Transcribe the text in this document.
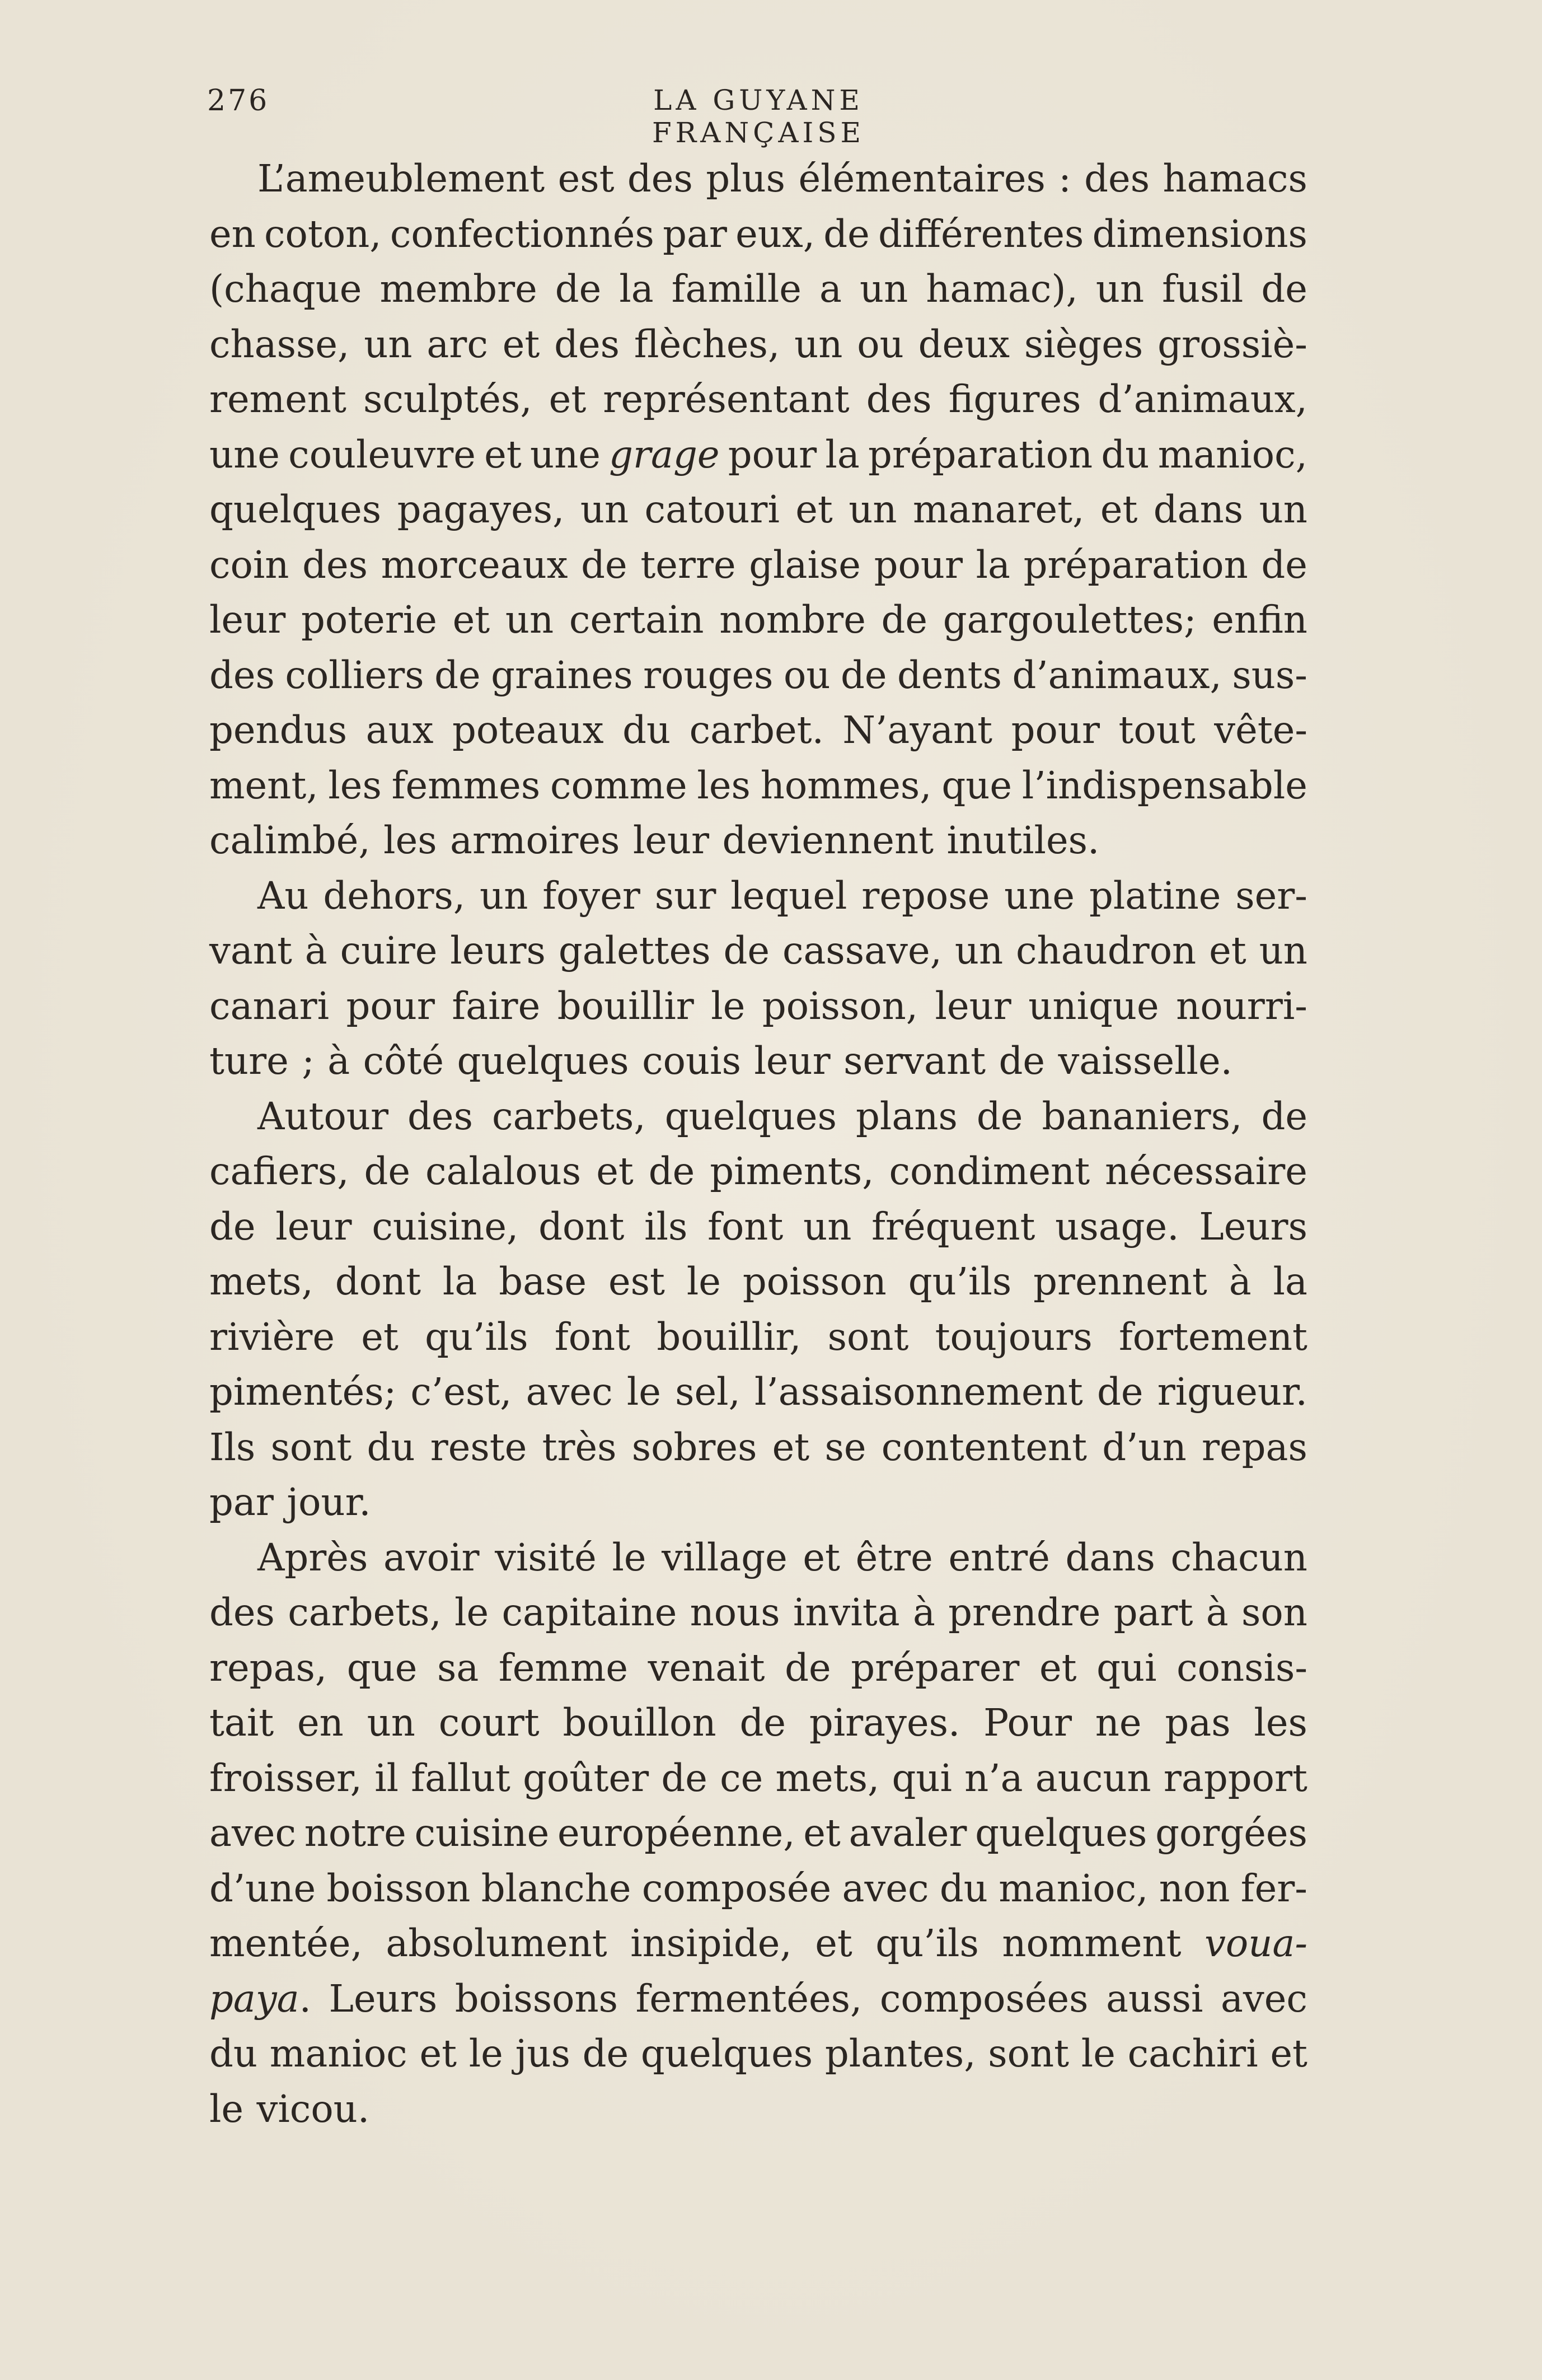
276	LA GUYANE FRANÇAISE
L’ameublement est des plus élémentaires : des hamacs
en coton, confectionnés par eux, de différentes dimensions
(chaque membre de la famille a un hamac), un fusil de
chasse, un arc et des flèches, un ou deux sièges grossiè-
rement sculptés, et représentant des figures d’animaux,
une couleuvre et une grage pour la préparation du manioc,
quelques pagayes, un catouri et un manaret, et dans un
coin des morceaux de terre glaise pour la préparation de
leur poterie et un certain nombre de gargoulettes; enfin
des colliers de graines rouges ou de dents d’animaux, sus-
pendus aux poteaux du carbet. N’ayant pour tout vête-
ment, les femmes comme les hommes, que l’indispensable
calimbé, les armoires leur deviennent inutiles.
Au dehors, un foyer sur lequel repose une platine ser-
vant à cuire leurs galettes de cassave, un chaudron et un
canari pour faire bouillir le poisson, leur unique nourri-
ture ; à côté quelques couis leur servant de vaisselle.
Autour des carbets, quelques plans de bananiers, de
cafiers, de calalous et de piments, condiment nécessaire
de leur cuisine, dont ils font un fréquent usage. Leurs
mets, dont la base est le poisson qu’ils prennent à la
rivière et qu’ils font bouillir, sont toujours fortement
pimentés; c’est, avec le sel, l’assaisonnement de rigueur.
Ils sont du reste très sobres et se contentent d’un repas
par jour.
Après avoir visité le village et être entré dans chacun
des carbets, le capitaine nous invita à prendre part à son
repas, que sa femme venait de préparer et qui consis-
tait en un court bouillon de pirayes. Pour ne pas les
froisser, il fallut goûter de ce mets, qui n’a aucun rapport
avec notre cuisine européenne, et avaler quelques gorgées
d’une boisson blanche composée avec du manioc, non fer-
mentée, absolument insipide, et qu’ils nomment voua-
paya. Leurs boissons fermentées, composées aussi avec
du manioc et le jus de quelques plantes, sont le cachiri et
le vicou.
